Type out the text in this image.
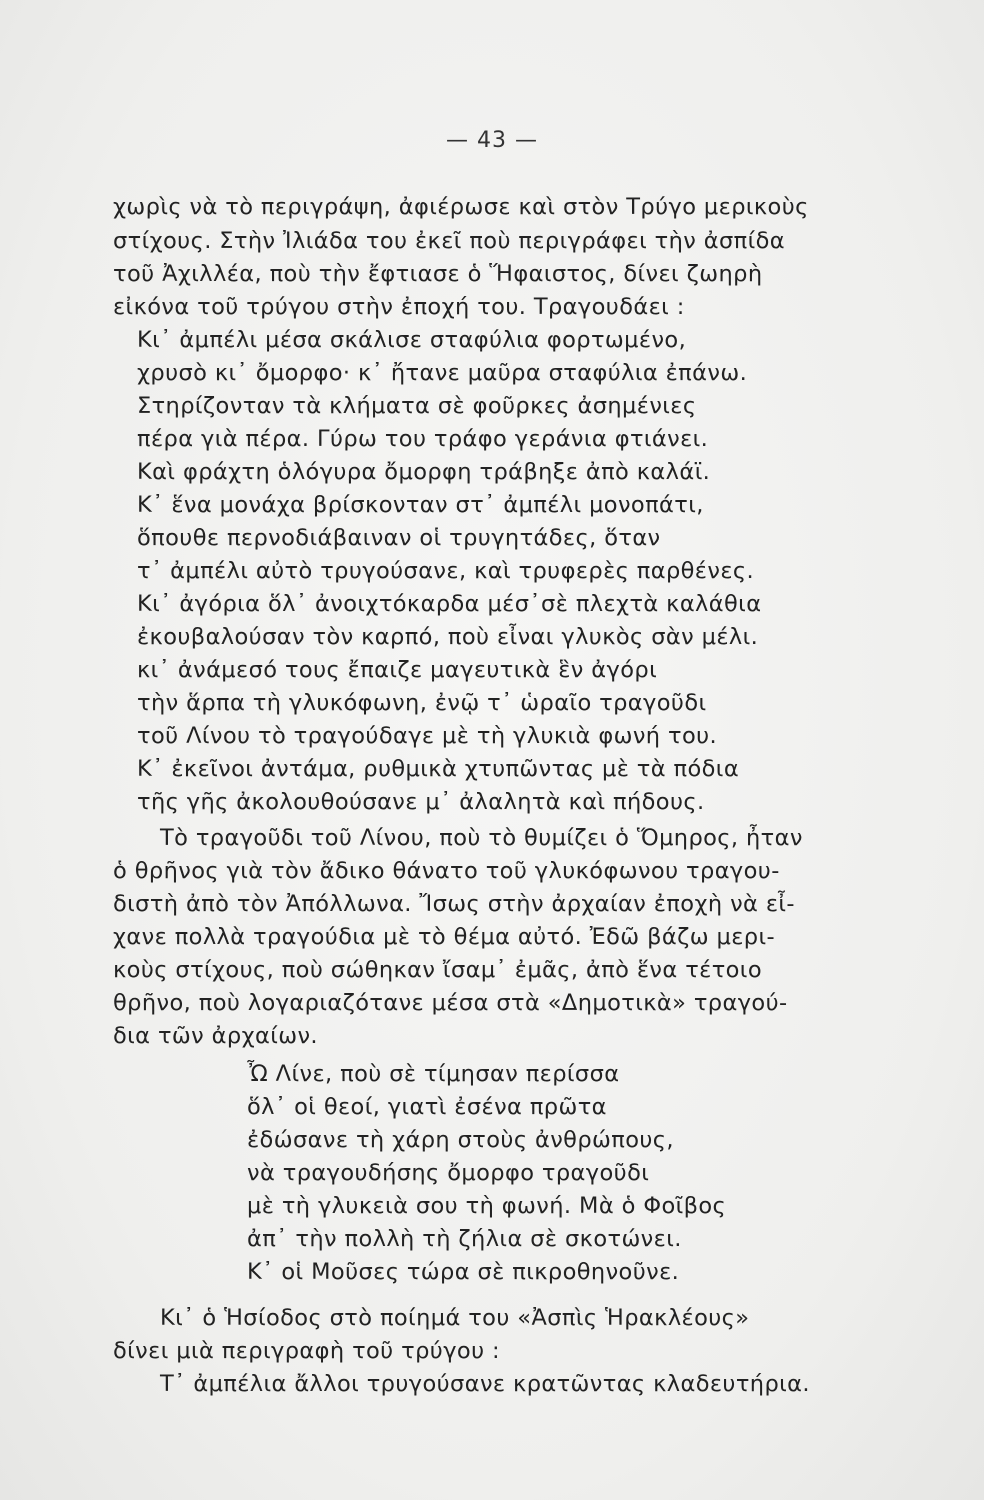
— 43 —
χωρὶς νὰ τὸ περιγράψη, ἀφιέρωσε καὶ στὸν Τρύγο μερικοὺς
στίχους. Στὴν Ἰλιάδα του ἐκεῖ ποὺ περιγράφει τὴν ἀσπίδα
τοῦ Ἀχιλλέα, ποὺ τὴν ἔφτιασε ὁ Ἥφαιστος, δίνει ζωηρὴ
εἰκόνα τοῦ τρύγου στὴν ἐποχή του. Τραγουδάει :
Κι᾿ ἀμπέλι μέσα σκάλισε σταφύλια φορτωμένο,
χρυσὸ κι᾿ ὄμορφο· κ᾿ ἤτανε μαῦρα σταφύλια ἐπάνω.
Στηρίζονταν τὰ κλήματα σὲ φοῦρκες ἀσημένιες
πέρα γιὰ πέρα. Γύρω του τράφο γεράνια φτιάνει.
Καὶ φράχτη ὁλόγυρα ὄμορφη τράβηξε ἀπὸ καλάϊ.
Κ᾿ ἕνα μονάχα βρίσκονταν στ᾿ ἀμπέλι μονοπάτι,
ὅπουθε περνοδιάβαιναν οἱ τρυγητάδες, ὅταν
τ᾿ ἀμπέλι αὐτὸ τρυγούσανε, καὶ τρυφερὲς παρθένες.
Κι᾿ ἀγόρια ὅλ᾿ ἀνοιχτόκαρδα μέσ᾿σὲ πλεχτὰ καλάθια
ἐκουβαλούσαν τὸν καρπό, ποὺ εἶναι γλυκὸς σὰν μέλι.
κι᾿ ἀνάμεσό τους ἔπαιζε μαγευτικὰ ἓν ἀγόρι
τὴν ἅρπα τὴ γλυκόφωνη, ἐνῷ τ᾿ ὡραῖο τραγοῦδι
τοῦ Λίνου τὸ τραγούδαγε μὲ τὴ γλυκιὰ φωνή του.
Κ᾿ ἐκεῖνοι ἀντάμα, ρυθμικὰ χτυπῶντας μὲ τὰ πόδια
τῆς γῆς ἀκολουθούσανε μ᾿ ἀλαλητὰ καὶ πήδους.
Τὸ τραγοῦδι τοῦ Λίνου, ποὺ τὸ θυμίζει ὁ Ὅμηρος, ἦταν
ὁ θρῆνος γιὰ τὸν ἄδικο θάνατο τοῦ γλυκόφωνου τραγου-
διστὴ ἀπὸ τὸν Ἀπόλλωνα. Ἴσως στὴν ἀρχαίαν ἐποχὴ νὰ εἶ-
χανε πολλὰ τραγούδια μὲ τὸ θέμα αὐτό. Ἐδῶ βάζω μερι-
κοὺς στίχους, ποὺ σώθηκαν ἴσαμ᾿ ἐμᾶς, ἀπὸ ἕνα τέτοιο
θρῆνο, ποὺ λογαριαζότανε μέσα στὰ «Δημοτικὰ» τραγού-
δια τῶν ἀρχαίων.
Ὦ Λίνε, ποὺ σὲ τίμησαν περίσσα
ὅλ᾿ οἱ θεοί, γιατὶ ἐσένα πρῶτα
ἐδώσανε τὴ χάρη στοὺς ἀνθρώπους,
νὰ τραγουδήσης ὄμορφο τραγοῦδι
μὲ τὴ γλυκειὰ σου τὴ φωνή. Μὰ ὁ Φοῖβος
ἀπ᾿ τὴν πολλὴ τὴ ζήλια σὲ σκοτώνει.
Κ᾿ οἱ Μοῦσες τώρα σὲ πικροθηνοῦνε.
Κι᾿ ὁ Ἡσίοδος στὸ ποίημά του «Ἀσπὶς Ἡρακλέους»
δίνει μιὰ περιγραφὴ τοῦ τρύγου :
Τ᾿ ἀμπέλια ἄλλοι τρυγούσανε κρατῶντας κλαδευτήρια.
